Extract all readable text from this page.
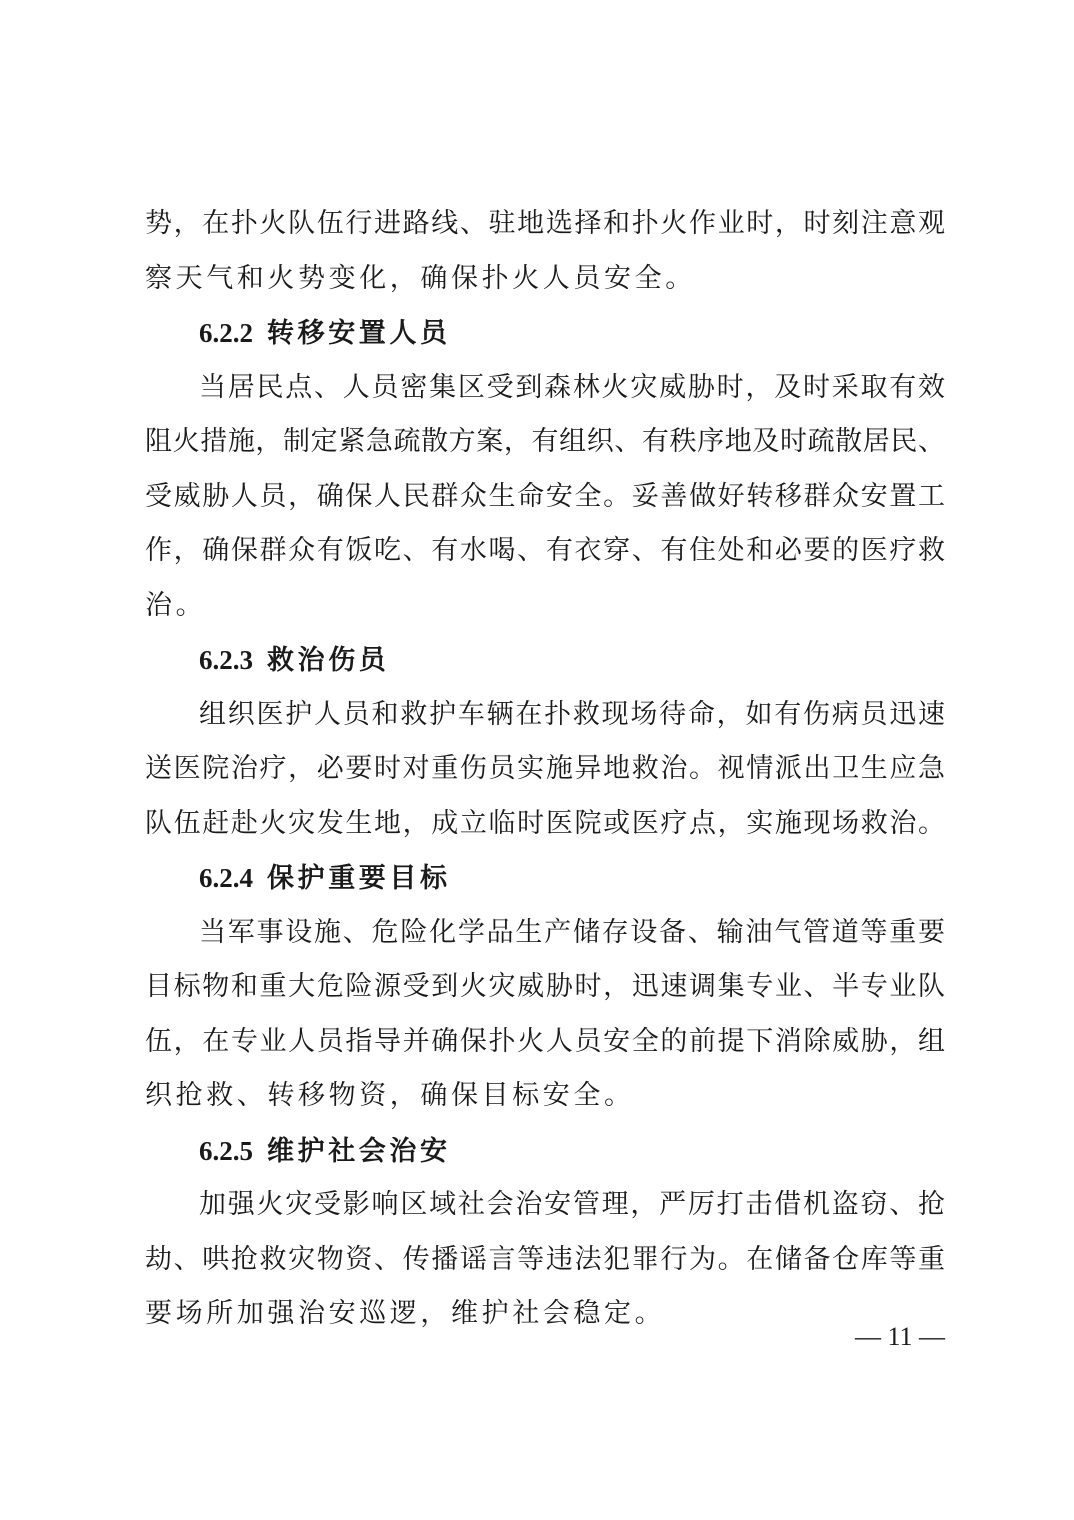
势，在扑火队伍行进路线、驻地选择和扑火作业时，时刻注意观
察天气和火势变化，确保扑火人员安全。
6.2.2 转移安置人员
当居民点、人员密集区受到森林火灾威胁时，及时采取有效
阻火措施，制定紧急疏散方案，有组织、有秩序地及时疏散居民、
受威胁人员，确保人民群众生命安全。妥善做好转移群众安置工
作，确保群众有饭吃、有水喝、有衣穿、有住处和必要的医疗救
治。
6.2.3 救治伤员
组织医护人员和救护车辆在扑救现场待命，如有伤病员迅速
送医院治疗，必要时对重伤员实施异地救治。视情派出卫生应急
队伍赶赴火灾发生地，成立临时医院或医疗点，实施现场救治。
6.2.4 保护重要目标
当军事设施、危险化学品生产储存设备、输油气管道等重要
目标物和重大危险源受到火灾威胁时，迅速调集专业、半专业队
伍，在专业人员指导并确保扑火人员安全的前提下消除威胁，组
织抢救、转移物资，确保目标安全。
6.2.5 维护社会治安
加强火灾受影响区域社会治安管理，严厉打击借机盗窃、抢
劫、哄抢救灾物资、传播谣言等违法犯罪行为。在储备仓库等重
要场所加强治安巡逻，维护社会稳定。
— 11 —
